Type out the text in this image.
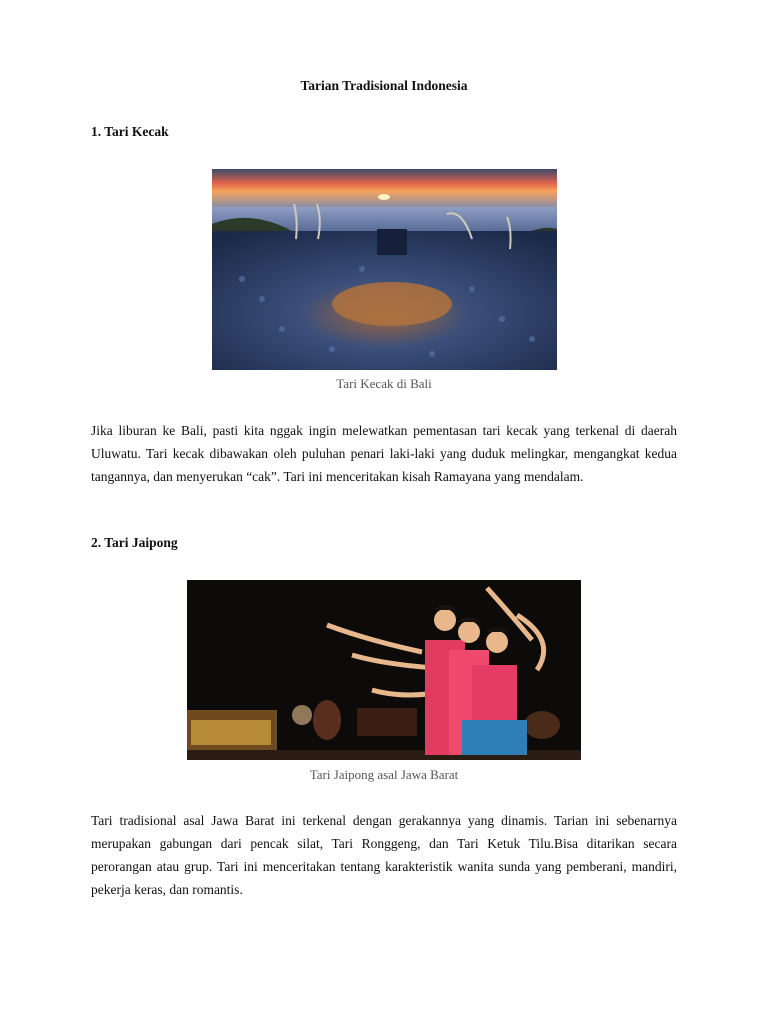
Tarian Tradisional Indonesia
1. Tari Kecak
Tari Kecak di Bali

Jika liburan ke Bali, pasti kita nggak ingin melewatkan pementasan tari kecak yang terkenal di daerah Uluwatu. Tari kecak dibawakan oleh puluhan penari laki-laki yang duduk melingkar, mengangkat kedua tangannya, dan menyerukan “cak”. Tari ini menceritakan kisah Ramayana yang mendalam.

2. Tari Jaipong
Tari Jaipong asal Jawa Barat

Tari tradisional asal Jawa Barat ini terkenal dengan gerakannya yang dinamis. Tarian ini sebenarnya merupakan gabungan dari pencak silat, Tari Ronggeng, dan Tari Ketuk Tilu.Bisa ditarikan secara perorangan atau grup. Tari ini menceritakan tentang karakteristik wanita sunda yang pemberani, mandiri, pekerja keras, dan romantis.
